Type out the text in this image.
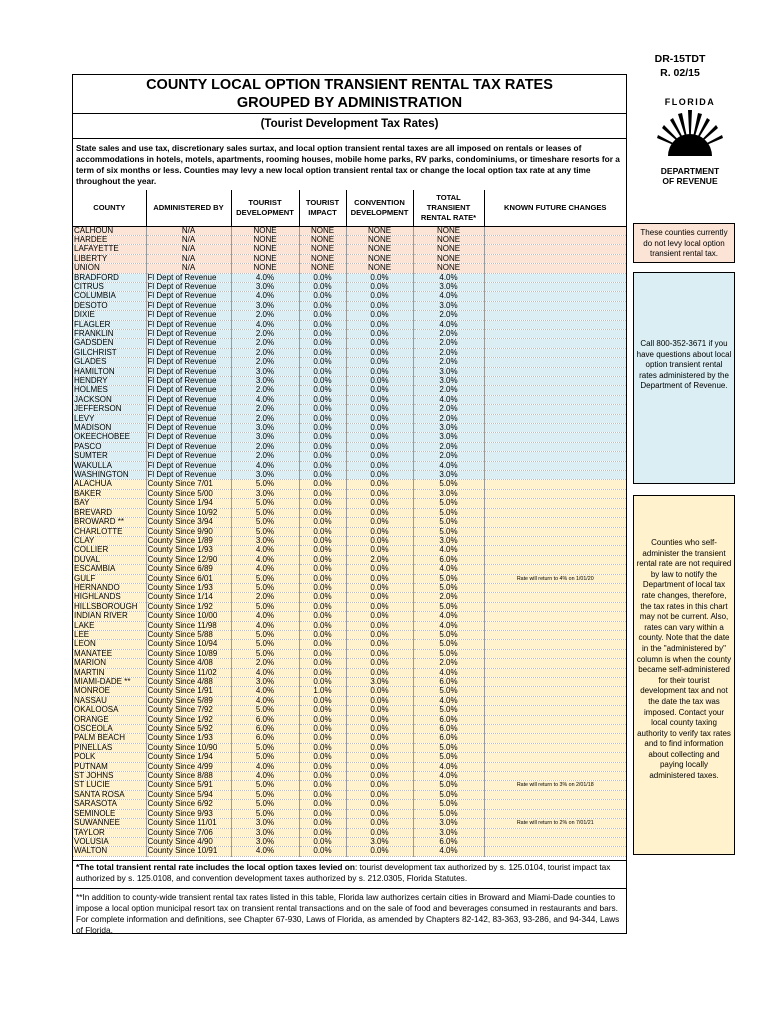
DR-15TDT
R. 02/15
FLORIDA
DEPARTMENT
OF REVENUE
COUNTY LOCAL OPTION TRANSIENT RENTAL TAX RATES
GROUPED BY ADMINISTRATION
(Tourist Development Tax Rates)
State sales and use tax, discretionary sales surtax, and local option transient rental taxes are all imposed on rentals or leases of accommodations in hotels, motels, apartments, rooming houses, mobile home parks, RV parks, condominiums, or timeshare resorts for a term of six months or less. Counties may levy a new local option transient rental tax or change the local option tax rate at any time throughout the year.
COUNTY	ADMINISTERED BY	TOURIST DEVELOPMENT	TOURIST IMPACT	CONVENTION DEVELOPMENT	TOTAL TRANSIENT RENTAL RATE*	KNOWN FUTURE CHANGES
CALHOUN	N/A	NONE	NONE	NONE	NONE	
HARDEE	N/A	NONE	NONE	NONE	NONE	
LAFAYETTE	N/A	NONE	NONE	NONE	NONE	
LIBERTY	N/A	NONE	NONE	NONE	NONE	
UNION	N/A	NONE	NONE	NONE	NONE	
BRADFORD	Fl Dept of Revenue	4.0%	0.0%	0.0%	4.0%	
CITRUS	Fl Dept of Revenue	3.0%	0.0%	0.0%	3.0%	
COLUMBIA	Fl Dept of Revenue	4.0%	0.0%	0.0%	4.0%	
DESOTO	Fl Dept of Revenue	3.0%	0.0%	0.0%	3.0%	
DIXIE	Fl Dept of Revenue	2.0%	0.0%	0.0%	2.0%	
FLAGLER	Fl Dept of Revenue	4.0%	0.0%	0.0%	4.0%	
FRANKLIN	Fl Dept of Revenue	2.0%	0.0%	0.0%	2.0%	
GADSDEN	Fl Dept of Revenue	2.0%	0.0%	0.0%	2.0%	
GILCHRIST	Fl Dept of Revenue	2.0%	0.0%	0.0%	2.0%	
GLADES	Fl Dept of Revenue	2.0%	0.0%	0.0%	2.0%	
HAMILTON	Fl Dept of Revenue	3.0%	0.0%	0.0%	3.0%	
HENDRY	Fl Dept of Revenue	3.0%	0.0%	0.0%	3.0%	
HOLMES	Fl Dept of Revenue	2.0%	0.0%	0.0%	2.0%	
JACKSON	Fl Dept of Revenue	4.0%	0.0%	0.0%	4.0%	
JEFFERSON	Fl Dept of Revenue	2.0%	0.0%	0.0%	2.0%	
LEVY	Fl Dept of Revenue	2.0%	0.0%	0.0%	2.0%	
MADISON	Fl Dept of Revenue	3.0%	0.0%	0.0%	3.0%	
OKEECHOBEE	Fl Dept of Revenue	3.0%	0.0%	0.0%	3.0%	
PASCO	Fl Dept of Revenue	2.0%	0.0%	0.0%	2.0%	
SUMTER	Fl Dept of Revenue	2.0%	0.0%	0.0%	2.0%	
WAKULLA	Fl Dept of Revenue	4.0%	0.0%	0.0%	4.0%	
WASHINGTON	Fl Dept of Revenue	3.0%	0.0%	0.0%	3.0%	
ALACHUA	County Since 7/01	5.0%	0.0%	0.0%	5.0%	
BAKER	County Since 5/00	3.0%	0.0%	0.0%	3.0%	
BAY	County Since 1/94	5.0%	0.0%	0.0%	5.0%	
BREVARD	County Since 10/92	5.0%	0.0%	0.0%	5.0%	
BROWARD **	County Since 3/94	5.0%	0.0%	0.0%	5.0%	
CHARLOTTE	County Since 9/90	5.0%	0.0%	0.0%	5.0%	
CLAY	County Since 1/89	3.0%	0.0%	0.0%	3.0%	
COLLIER	County Since 1/93	4.0%	0.0%	0.0%	4.0%	
DUVAL	County Since 12/90	4.0%	0.0%	2.0%	6.0%	
ESCAMBIA	County Since 6/89	4.0%	0.0%	0.0%	4.0%	
GULF	County Since 6/01	5.0%	0.0%	0.0%	5.0%	Rate will return to 4% on 1/01/20
HERNANDO	County Since 1/93	5.0%	0.0%	0.0%	5.0%	
HIGHLANDS	County Since 1/14	2.0%	0.0%	0.0%	2.0%	
HILLSBOROUGH	County Since 1/92	5.0%	0.0%	0.0%	5.0%	
INDIAN RIVER	County Since 10/00	4.0%	0.0%	0.0%	4.0%	
LAKE	County Since 11/98	4.0%	0.0%	0.0%	4.0%	
LEE	County Since 5/88	5.0%	0.0%	0.0%	5.0%	
LEON	County Since 10/94	5.0%	0.0%	0.0%	5.0%	
MANATEE	County Since 10/89	5.0%	0.0%	0.0%	5.0%	
MARION	County Since 4/08	2.0%	0.0%	0.0%	2.0%	
MARTIN	County Since 11/02	4.0%	0.0%	0.0%	4.0%	
MIAMI-DADE **	County Since 4/88	3.0%	0.0%	3.0%	6.0%	
MONROE	County Since 1/91	4.0%	1.0%	0.0%	5.0%	
NASSAU	County Since 5/89	4.0%	0.0%	0.0%	4.0%	
OKALOOSA	County Since 7/92	5.0%	0.0%	0.0%	5.0%	
ORANGE	County Since 1/92	6.0%	0.0%	0.0%	6.0%	
OSCEOLA	County Since 5/92	6.0%	0.0%	0.0%	6.0%	
PALM BEACH	County Since 1/93	6.0%	0.0%	0.0%	6.0%	
PINELLAS	County Since 10/90	5.0%	0.0%	0.0%	5.0%	
POLK	County Since 1/94	5.0%	0.0%	0.0%	5.0%	
PUTNAM	County Since 4/99	4.0%	0.0%	0.0%	4.0%	
ST JOHNS	County Since 8/88	4.0%	0.0%	0.0%	4.0%	
ST LUCIE	County Since 5/91	5.0%	0.0%	0.0%	5.0%	Rate will return to 3% on 2/01/18
SANTA ROSA	County Since 5/94	5.0%	0.0%	0.0%	5.0%	
SARASOTA	County Since 6/92	5.0%	0.0%	0.0%	5.0%	
SEMINOLE	County Since 9/93	5.0%	0.0%	0.0%	5.0%	
SUWANNEE	County Since 11/01	3.0%	0.0%	0.0%	3.0%	Rate will return to 2% on 7/01/21
TAYLOR	County Since 7/06	3.0%	0.0%	0.0%	3.0%	
VOLUSIA	County Since 4/90	3.0%	0.0%	3.0%	6.0%	
WALTON	County Since 10/91	4.0%	0.0%	0.0%	4.0%	
*The total transient rental rate includes the local option taxes levied on: tourist development tax authorized by s. 125.0104, tourist impact tax authorized by s. 125.0108, and convention development taxes authorized by s. 212.0305, Florida Statutes.
**In addition to county-wide transient rental tax rates listed in this table, Florida law authorizes certain cities in Broward and Miami-Dade counties to impose a local option municipal resort tax on transient rental transactions and on the sale of food and beverages consumed in restaurants and bars. For complete information and definitions, see Chapter 67-930, Laws of Florida, as amended by Chapters 82-142, 83-363, 93-286, and 94-344, Laws of Florida.
These counties currently do not levy local option transient rental tax.
Call 800-352-3671 if you have questions about local option transient rental rates administered by the Department of Revenue.
Counties who self-administer the transient rental rate are not required by law to notify the Department of local tax rate changes, therefore, the tax rates in this chart may not be current. Also, rates can vary within a county. Note that the date in the "administered by" column is when the county became self-administered for their tourist development tax and not the date the tax was imposed. Contact your local county taxing authority to verify tax rates and to find information about collecting and paying locally administered taxes.
